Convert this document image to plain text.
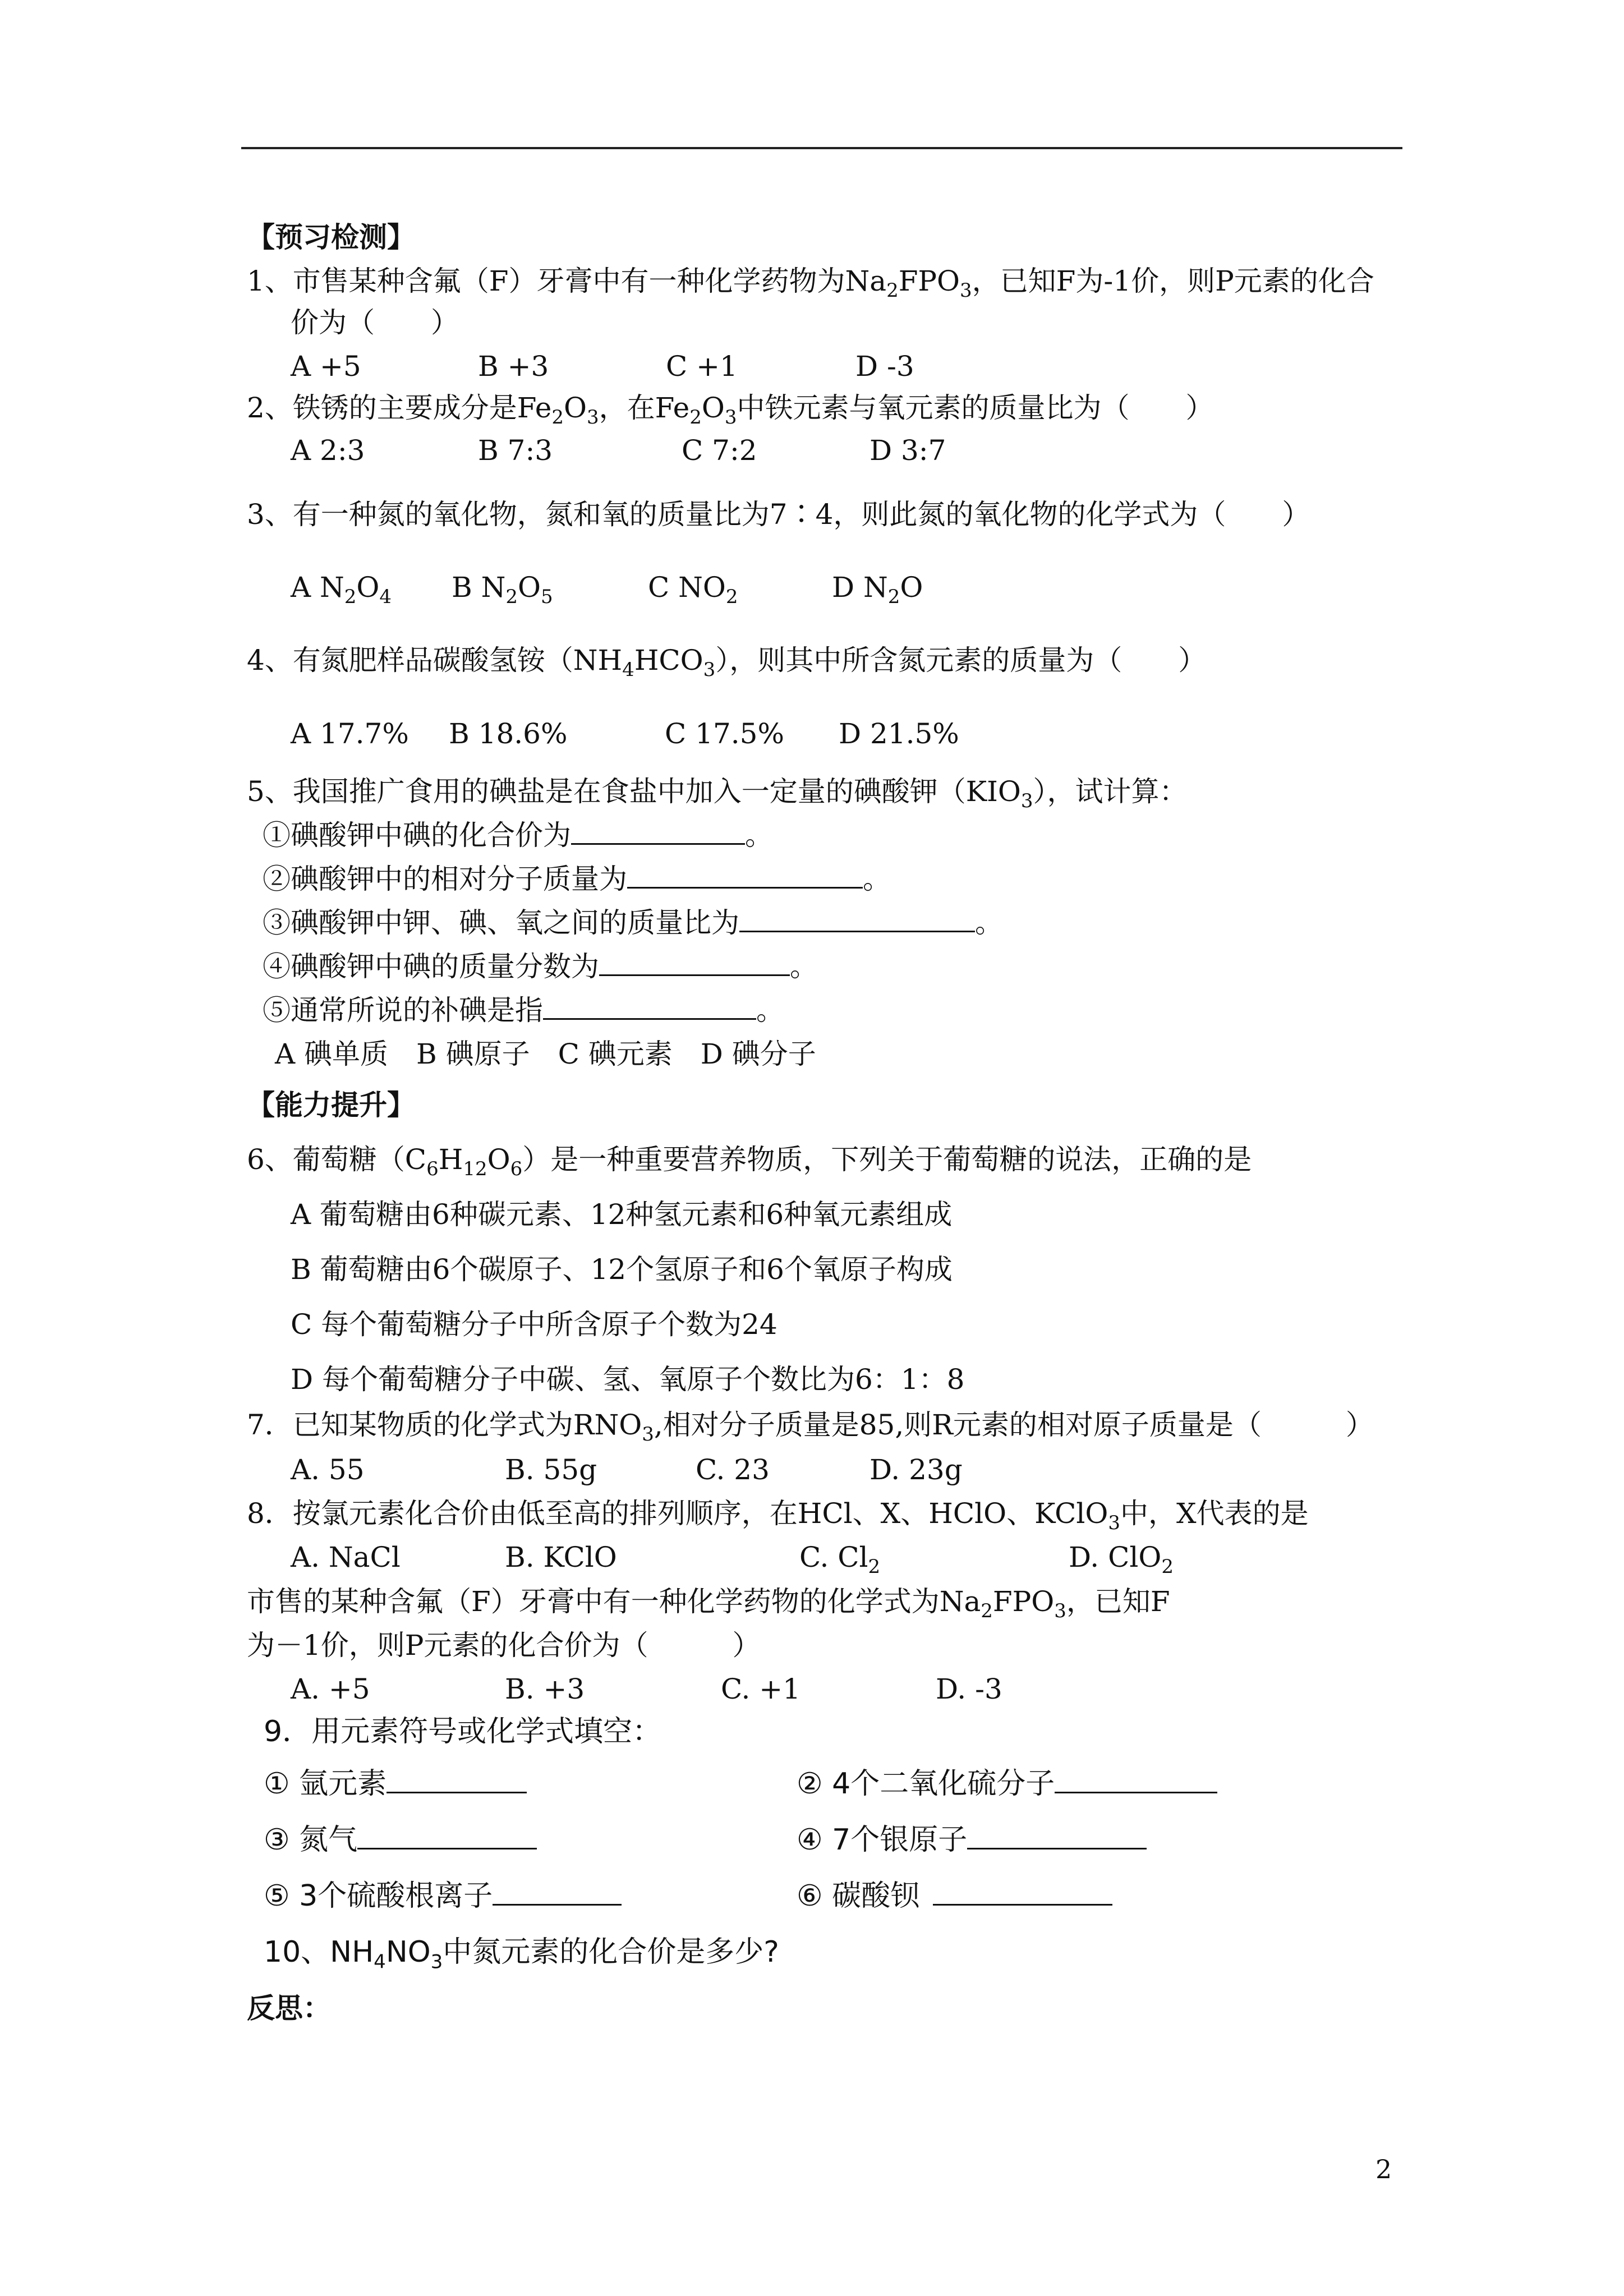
【预习检测】
1、市售某种含氟（F）牙膏中有一种化学药物为$Na_2FPO_3$，已知F为-1价，则P元素的化合
价为（　　）
A +5	B +3	C +1	D -3
2、铁锈的主要成分是$Fe_2O_3$，在$Fe_2O_3$中铁元素与氧元素的质量比为（　　）
A 2:3	B 7:3	C 7:2	D 3:7
3、有一种氮的氧化物，氮和氧的质量比为7∶4，则此氮的氧化物的化学式为（　　）
A $N_2O_4$ B $N_2O_5$	C $NO_2$	D $N_2O$
4、有氮肥样品碳酸氢铵$(NH_4HCO_3)$，则其中所含氮元素的质量为（　　）
A 17.7% B 18.6%	C 17.5% D 21.5%
5、我国推广食用的碘盐是在食盐中加入一定量的碘酸钾$(KIO_3)$，试计算：
①碘酸钾中碘的化合价为	。
②碘酸钾中的相对分子质量为	。
③碘酸钾中钾、碘、氧之间的质量比为	。
④碘酸钾中碘的质量分数为	。
⑤通常所说的补碘是指	。
A 碘单质　B 碘原子　C 碘元素　D 碘分子
【能力提升】
6、葡萄糖$(C_6H_{12}O_6)$是一种重要营养物质，下列关于葡萄糖的说法，正确的是
A 葡萄糖由6种碳元素、12种氢元素和6种氧元素组成
B 葡萄糖由6个碳原子、12个氢原子和6个氧原子构成
C 每个葡萄糖分子中所含原子个数为24
D 每个葡萄糖分子中碳、氢、氧原子个数比为6：1：8
7．已知某物质的化学式为$RNO_3$,相对分子质量是85,则R元素的相对原子质量是（　　　）
A. 55	B. 55g	C. 23	D. 23g
8．按氯元素化合价由低至高的排列顺序，在HCl、X、HClO、KClO$_3$中，X代表的是
A. NaCl	B. KClO	C. $Cl_2$	D. ClO$_2$
市售的某种含氟（F）牙膏中有一种化学药物的化学式为$Na_2FPO_3$，已知F
为－1价，则P元素的化合价为（　　　）
A. +5	B. +3	C. +1	D. -3
9．用元素符号或化学式填空：
① 氩元素	② 4个二氧化硫分子
③ 氮气	④ 7个银原子
⑤ 3个硫酸根离子	⑥ 碳酸钡
10、$NH_4NO_3$中氮元素的化合价是多少?
反思：
2
